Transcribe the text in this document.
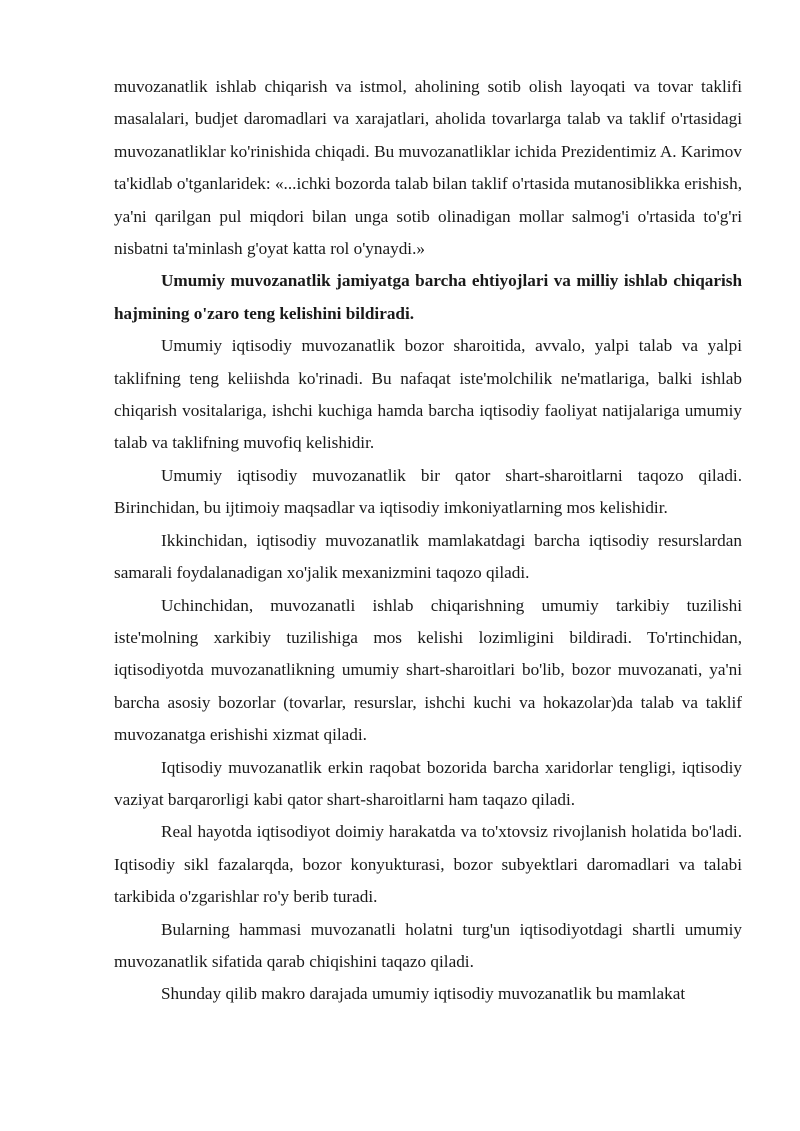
muvozanatlik ishlab chiqarish va istmol, aholining sotib olish layoqati va tovar taklifi masalalari, budjet daromadlari va xarajatlari, aholida tovarlarga talab va taklif o'rtasidagi muvozanatliklar ko'rinishida chiqadi. Bu muvozanatliklar ichida Prezidentimiz A. Karimov ta'kidlab o'tganlaridek: «...ichki bozorda talab bilan taklif o'rtasida mutanosiblikka erishish, ya'ni qarilgan pul miqdori bilan unga sotib olinadigan mollar salmog'i o'rtasida to'g'ri nisbatni ta'minlash g'oyat katta rol o'ynaydi.»

Umumiy muvozanatlik jamiyatga barcha ehtiyojlari va milliy ishlab chiqarish hajmining o'zaro teng kelishini bildiradi.

Umumiy iqtisodiy muvozanatlik bozor sharoitida, avvalo, yalpi talab va yalpi taklifning teng keliishda ko'rinadi. Bu nafaqat iste'molchilik ne'matlariga, balki ishlab chiqarish vositalariga, ishchi kuchiga hamda barcha iqtisodiy faoliyat natijalariga umumiy talab va taklifning muvofiq kelishidir.

Umumiy iqtisodiy muvozanatlik bir qator shart-sharoitlarni taqozo qiladi. Birinchidan, bu ijtimoiy maqsadlar va iqtisodiy imkoniyatlarning mos kelishidir.

Ikkinchidan, iqtisodiy muvozanatlik mamlakatdagi barcha iqtisodiy resurslardan samarali foydalanadigan xo'jalik mexanizmini taqozo qiladi.

Uchinchidan, muvozanatli ishlab chiqarishning umumiy tarkibiy tuzilishi iste'molning xarkibiy tuzilishiga mos kelishi lozimligini bildiradi. To'rtinchidan, iqtisodiyotda muvozanatlikning umumiy shart-sharoitlari bo'lib, bozor muvozanati, ya'ni barcha asosiy bozorlar (tovarlar, resurslar, ishchi kuchi va hokazolar)da talab va taklif muvozanatga erishishi xizmat qiladi.

Iqtisodiy muvozanatlik erkin raqobat bozorida barcha xaridorlar tengligi, iqtisodiy vaziyat barqarorligi kabi qator shart-sharoitlarni ham taqazo qiladi.

Real hayotda iqtisodiyot doimiy harakatda va to'xtovsiz rivojlanish holatida bo'ladi. Iqtisodiy sikl fazalarqda, bozor konyukturasi, bozor subyektlari daromadlari va talabi tarkibida o'zgarishlar ro'y berib turadi.

Bularning hammasi muvozanatli holatni turg'un iqtisodiyotdagi shartli umumiy muvozanatlik sifatida qarab chiqishini taqazo qiladi.

Shunday qilib makro darajada umumiy iqtisodiy muvozanatlik bu mamlakat
